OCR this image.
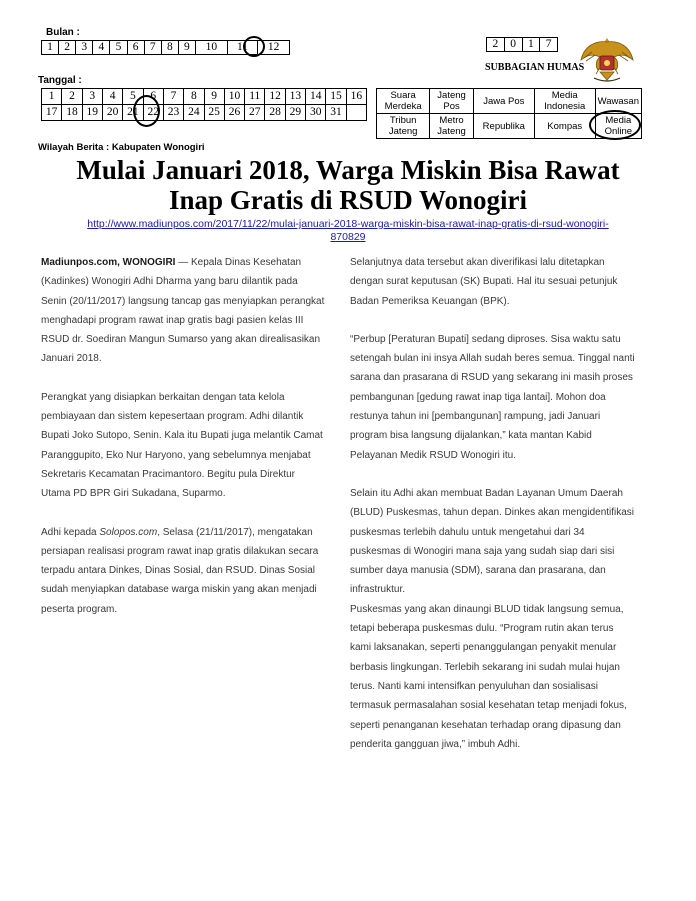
Bulan :
1	2	3	4	5	6	7	8	9	10	11	12	2	0	1	7
SUBBAGIAN HUMAS
Tanggal :
1	2	3	4	5	6	7	8	9	10	11	12	13	14	15	16
17	18	19	20	21	22	23	24	25	26	27	28	29	30	31	
Suara Merdeka	Jateng Pos	Jawa Pos	Media Indonesia	Wawasan
Tribun Jateng	Metro Jateng	Republika	Kompas	Media Online
Wilayah Berita : Kabupaten Wonogiri
Mulai Januari 2018, Warga Miskin Bisa Rawat
Inap Gratis di RSUD Wonogiri
http://www.madiunpos.com/2017/11/22/mulai-januari-2018-warga-miskin-bisa-rawat-inap-gratis-di-rsud-wonogiri-
870829

Madiunpos.com, WONOGIRI — Kepala Dinas Kesehatan
(Kadinkes) Wonogiri Adhi Dharma yang baru dilantik pada
Senin (20/11/2017) langsung tancap gas menyiapkan perangkat
menghadapi program rawat inap gratis bagi pasien kelas III
RSUD dr. Soediran Mangun Sumarso yang akan direalisasikan
Januari 2018.

Perangkat yang disiapkan berkaitan dengan tata kelola
pembiayaan dan sistem kepesertaan program. Adhi dilantik
Bupati Joko Sutopo, Senin. Kala itu Bupati juga melantik Camat
Paranggupito, Eko Nur Haryono, yang sebelumnya menjabat
Sekretaris Kecamatan Pracimantoro. Begitu pula Direktur
Utama PD BPR Giri Sukadana, Suparmo.

Adhi kepada Solopos.com, Selasa (21/11/2017), mengatakan
persiapan realisasi program rawat inap gratis dilakukan secara
terpadu antara Dinkes, Dinas Sosial, dan RSUD. Dinas Sosial
sudah menyiapkan database warga miskin yang akan menjadi
peserta program.

Selanjutnya data tersebut akan diverifikasi lalu ditetapkan
dengan surat keputusan (SK) Bupati. Hal itu sesuai petunjuk
Badan Pemeriksa Keuangan (BPK).

“Perbup [Peraturan Bupati] sedang diproses. Sisa waktu satu
setengah bulan ini insya Allah sudah beres semua. Tinggal nanti
sarana dan prasarana di RSUD yang sekarang ini masih proses
pembangunan [gedung rawat inap tiga lantai]. Mohon doa
restunya tahun ini [pembangunan] rampung, jadi Januari
program bisa langsung dijalankan,” kata mantan Kabid
Pelayanan Medik RSUD Wonogiri itu.

Selain itu Adhi akan membuat Badan Layanan Umum Daerah
(BLUD) Puskesmas, tahun depan. Dinkes akan mengidentifikasi
puskesmas terlebih dahulu untuk mengetahui dari 34
puskesmas di Wonogiri mana saja yang sudah siap dari sisi
sumber daya manusia (SDM), sarana dan prasarana, dan
infrastruktur.

Puskesmas yang akan dinaungi BLUD tidak langsung semua,
tetapi beberapa puskesmas dulu. “Program rutin akan terus
kami laksanakan, seperti penanggulangan penyakit menular
berbasis lingkungan. Terlebih sekarang ini sudah mulai hujan
terus. Nanti kami intensifkan penyuluhan dan sosialisasi
termasuk permasalahan sosial kesehatan tetap menjadi fokus,
seperti penanganan kesehatan terhadap orang dipasung dan
penderita gangguan jiwa,” imbuh Adhi.
